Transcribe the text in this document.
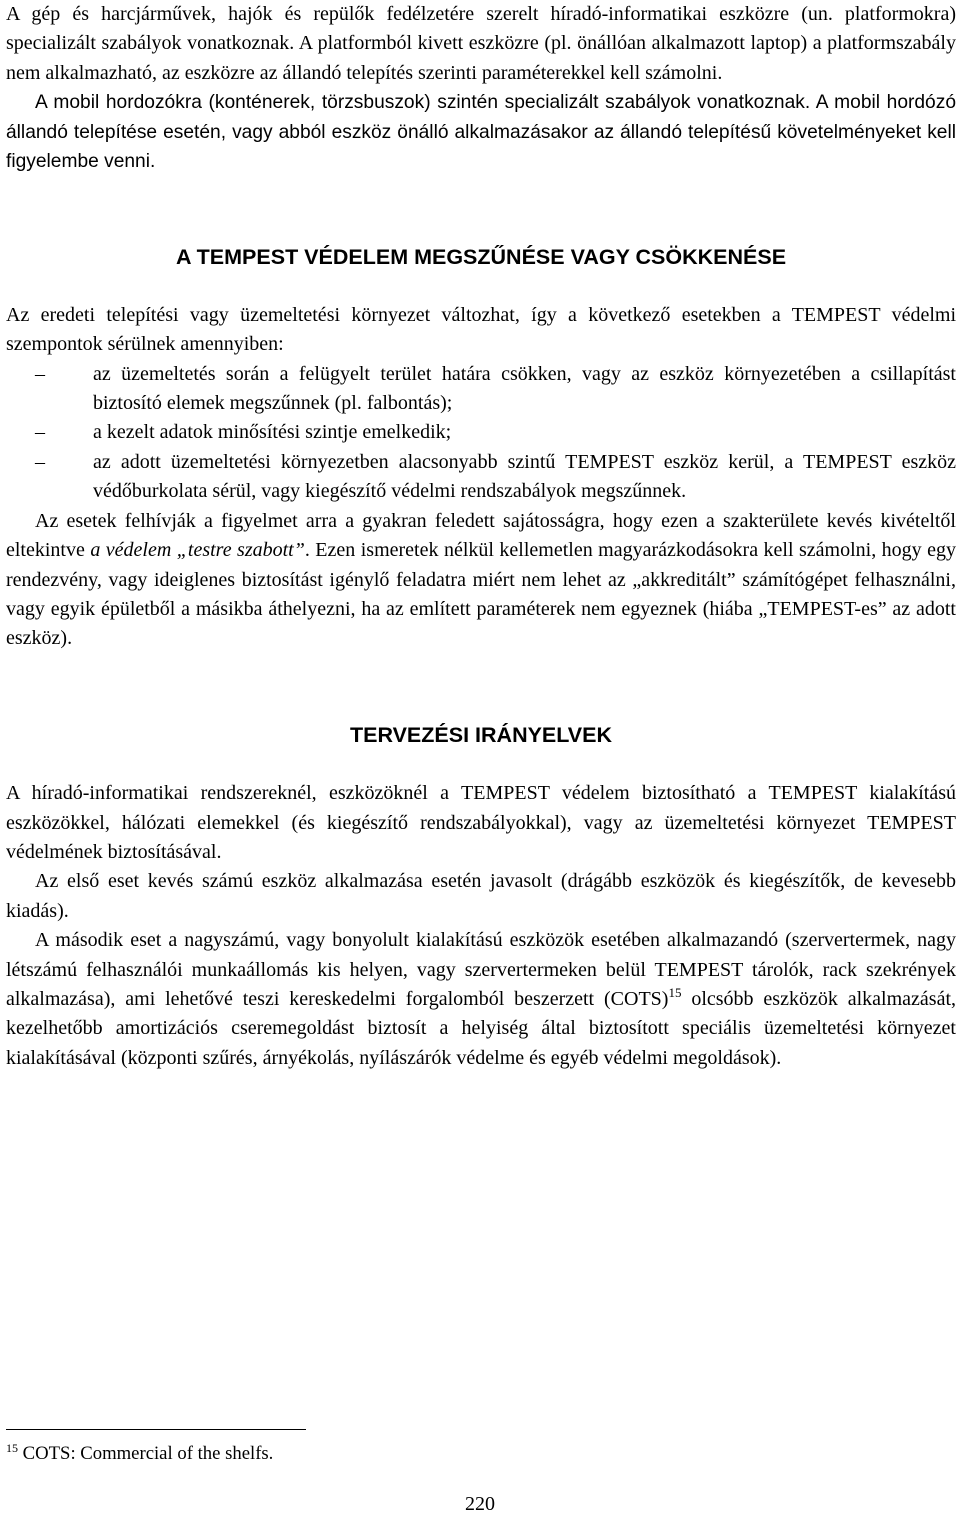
A gép és harcjárművek, hajók és repülők fedélzetére szerelt híradó-informatikai eszközre (un. platformokra) specializált szabályok vonatkoznak. A platformból kivett eszközre (pl. önállóan alkalmazott laptop) a platformszabály nem alkalmazható, az eszközre az állandó telepítés szerinti paraméterekkel kell számolni.

A mobil hordozókra (konténerek, törzsbuszok) szintén specializált szabályok vonatkoznak. A mobil hordózó állandó telepítése esetén, vagy abból eszköz önálló alkalmazásakor az állandó telepítésű követelményeket kell figyelembe venni.

A TEMPEST VÉDELEM MEGSZŰNÉSE VAGY CSÖKKENÉSE

Az eredeti telepítési vagy üzemeltetési környezet változhat, így a következő esetekben a TEMPEST védelmi szempontok sérülnek amennyiben:

– az üzemeltetés során a felügyelt terület határa csökken, vagy az eszköz környezetében a csillapítást biztosító elemek megszűnnek (pl. falbontás);
– a kezelt adatok minősítési szintje emelkedik;
– az adott üzemeltetési környezetben alacsonyabb szintű TEMPEST eszköz kerül, a TEMPEST eszköz védőburkolata sérül, vagy kiegészítő védelmi rendszabályok megszűnnek.

Az esetek felhívják a figyelmet arra a gyakran feledett sajátosságra, hogy ezen a szakterülete kevés kivételtől eltekintve a védelem „testre szabott”. Ezen ismeretek nélkül kellemetlen magyarázkodásokra kell számolni, hogy egy rendezvény, vagy ideiglenes biztosítást igénylő feladatra miért nem lehet az „akkreditált” számítógépet felhasználni, vagy egyik épületből a másikba áthelyezni, ha az említett paraméterek nem egyeznek (hiába „TEMPEST-es” az adott eszköz).

TERVEZÉSI IRÁNYELVEK

A híradó-informatikai rendszereknél, eszközöknél a TEMPEST védelem biztosítható a TEMPEST kialakítású eszközökkel, hálózati elemekkel (és kiegészítő rendszabályokkal), vagy az üzemeltetési környezet TEMPEST védelmének biztosításával.

Az első eset kevés számú eszköz alkalmazása esetén javasolt (drágább eszközök és kiegészítők, de kevesebb kiadás).

A második eset a nagyszámú, vagy bonyolult kialakítású eszközök esetében alkalmazandó (szervertermek, nagy létszámú felhasználói munkaállomás kis helyen, vagy szervertermeken belül TEMPEST tárolók, rack szekrények alkalmazása), ami lehetővé teszi kereskedelmi forgalomból beszerzett (COTS)$^{15}$ olcsóbb eszközök alkalmazását, kezelhetőbb amortizációs cseremegoldást biztosít a helyiség által biztosított speciális üzemeltetési környezet kialakításával (központi szűrés, árnyékolás, nyílászárók védelme és egyéb védelmi megoldások).

$^{15}$ COTS: Commercial of the shelfs.
220
